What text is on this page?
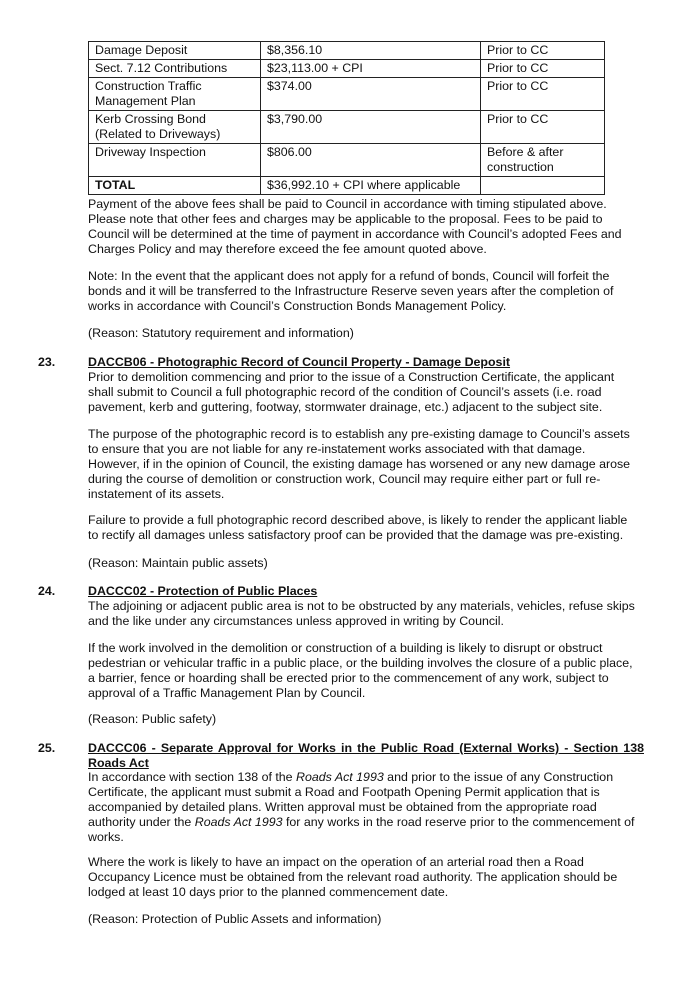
Damage Deposit	$8,356.10	Prior to CC
Sect. 7.12 Contributions	$23,113.00 + CPI	Prior to CC
Construction Traffic Management Plan	$374.00	Prior to CC
Kerb Crossing Bond (Related to Driveways)	$3,790.00	Prior to CC
Driveway Inspection	$806.00	Before & after construction
TOTAL	$36,992.10 + CPI where applicable	

Payment of the above fees shall be paid to Council in accordance with timing stipulated above. Please note that other fees and charges may be applicable to the proposal. Fees to be paid to Council will be determined at the time of payment in accordance with Council’s adopted Fees and Charges Policy and may therefore exceed the fee amount quoted above.

Note: In the event that the applicant does not apply for a refund of bonds, Council will forfeit the bonds and it will be transferred to the Infrastructure Reserve seven years after the completion of works in accordance with Council’s Construction Bonds Management Policy.

(Reason: Statutory requirement and information)

23.	DACCB06 - Photographic Record of Council Property - Damage Deposit

Prior to demolition commencing and prior to the issue of a Construction Certificate, the applicant shall submit to Council a full photographic record of the condition of Council’s assets (i.e. road pavement, kerb and guttering, footway, stormwater drainage, etc.) adjacent to the subject site.

The purpose of the photographic record is to establish any pre-existing damage to Council’s assets to ensure that you are not liable for any re-instatement works associated with that damage. However, if in the opinion of Council, the existing damage has worsened or any new damage arose during the course of demolition or construction work, Council may require either part or full re-instatement of its assets.

Failure to provide a full photographic record described above, is likely to render the applicant liable to rectify all damages unless satisfactory proof can be provided that the damage was pre-existing.

(Reason: Maintain public assets)

24.	DACCC02 - Protection of Public Places

The adjoining or adjacent public area is not to be obstructed by any materials, vehicles, refuse skips and the like under any circumstances unless approved in writing by Council.

If the work involved in the demolition or construction of a building is likely to disrupt or obstruct pedestrian or vehicular traffic in a public place, or the building involves the closure of a public place, a barrier, fence or hoarding shall be erected prior to the commencement of any work, subject to approval of a Traffic Management Plan by Council.

(Reason: Public safety)

25.	DACCC06 - Separate Approval for Works in the Public Road (External Works) - Section 138 Roads Act

In accordance with section 138 of the Roads Act 1993 and prior to the issue of any Construction Certificate, the applicant must submit a Road and Footpath Opening Permit application that is accompanied by detailed plans. Written approval must be obtained from the appropriate road authority under the Roads Act 1993 for any works in the road reserve prior to the commencement of works.

Where the work is likely to have an impact on the operation of an arterial road then a Road Occupancy Licence must be obtained from the relevant road authority. The application should be lodged at least 10 days prior to the planned commencement date.

(Reason: Protection of Public Assets and information)
